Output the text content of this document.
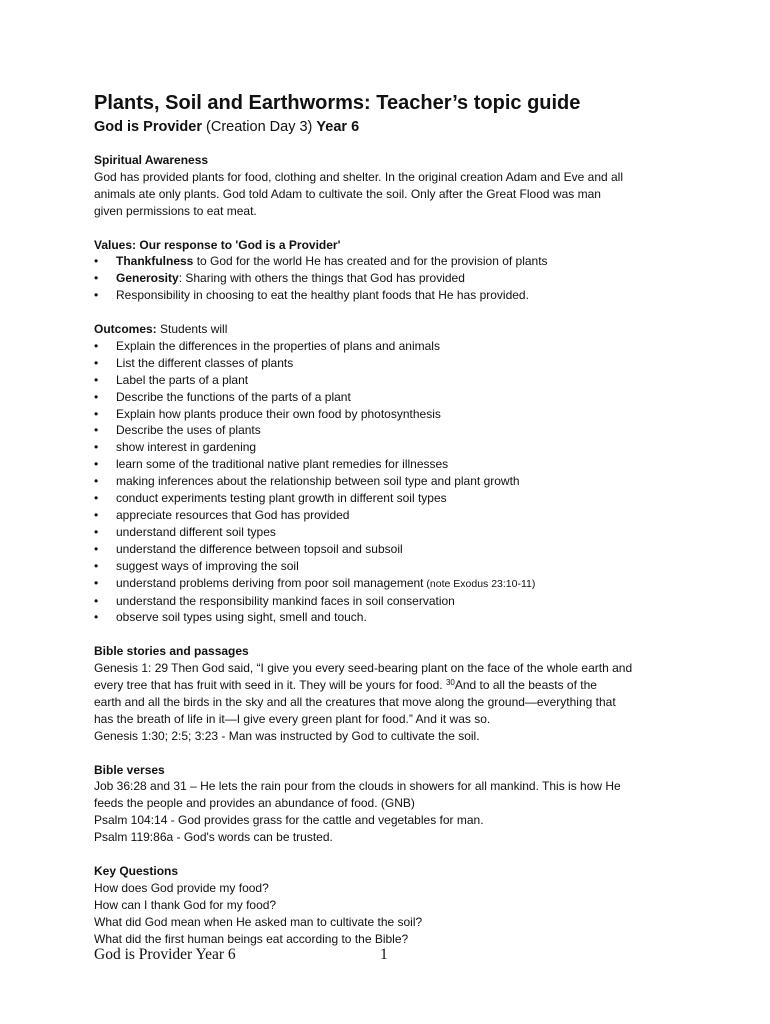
Plants, Soil and Earthworms: Teacher’s topic guide
God is Provider (Creation Day 3) Year 6

Spiritual Awareness

God has provided plants for food, clothing and shelter. In the original creation Adam and Eve and all

animals ate only plants. God told Adam to cultivate the soil. Only after the Great Flood was man

given permissions to eat meat.

Values: Our response to 'God is a Provider'

• Thankfulness to God for the world He has created and for the provision of plants
• Generosity: Sharing with others the things that God has provided
• Responsibility in choosing to eat the healthy plant foods that He has provided.

Outcomes: Students will

• Explain the differences in the properties of plans and animals
• List the different classes of plants
• Label the parts of a plant
• Describe the functions of the parts of a plant
• Explain how plants produce their own food by photosynthesis
• Describe the uses of plants
• show interest in gardening
• learn some of the traditional native plant remedies for illnesses
• making inferences about the relationship between soil type and plant growth
• conduct experiments testing plant growth in different soil types
• appreciate resources that God has provided
• understand different soil types
• understand the difference between topsoil and subsoil
• suggest ways of improving the soil
• understand problems deriving from poor soil management (note Exodus 23:10-11)
• understand the responsibility mankind faces in soil conservation
• observe soil types using sight, smell and touch.

Bible stories and passages

Genesis 1: 29 Then God said, “I give you every seed-bearing plant on the face of the whole earth and

every tree that has fruit with seed in it. They will be yours for food. $^{30}$And to all the beasts of the

earth and all the birds in the sky and all the creatures that move along the ground—everything that

has the breath of life in it—I give every green plant for food.” And it was so.

Genesis 1:30; 2:5; 3:23 - Man was instructed by God to cultivate the soil.

Bible verses

Job 36:28 and 31 – He lets the rain pour from the clouds in showers for all mankind. This is how He

feeds the people and provides an abundance of food. (GNB)

Psalm 104:14 - God provides grass for the cattle and vegetables for man.

Psalm 119:86a - God's words can be trusted.

Key Questions

How does God provide my food?

How can I thank God for my food?

What did God mean when He asked man to cultivate the soil?

What did the first human beings eat according to the Bible?

God is Provider Year 6	1
